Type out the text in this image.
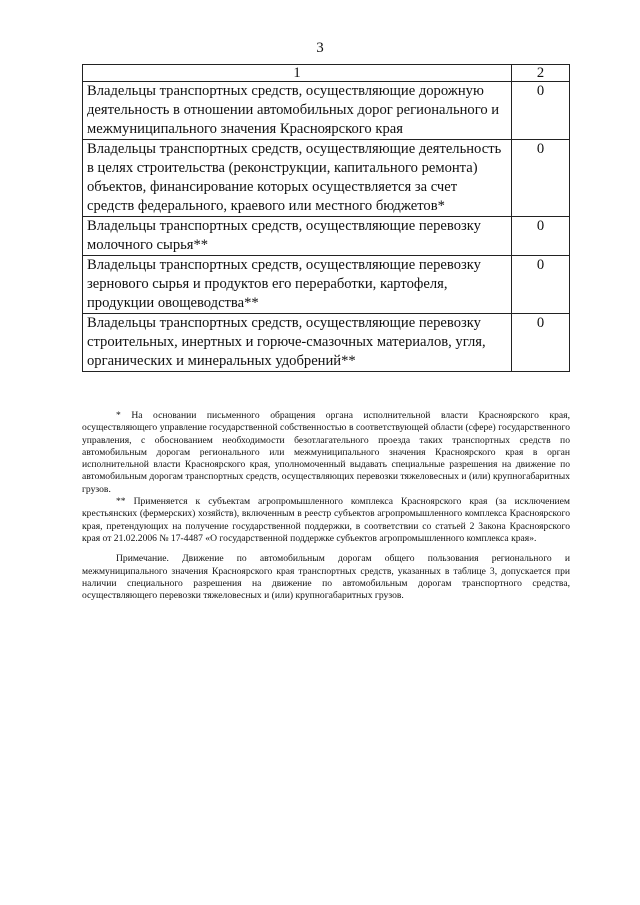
3
1	2
Владельцы транспортных средств, осуществляющие дорожную деятельность в отношении автомобильных дорог регионального и межмуниципального значения Красноярского края	0
Владельцы транспортных средств, осуществляющие деятельность в целях строительства (реконструкции, капитального ремонта) объектов, финансирование которых осуществляется за счет средств федерального, краевого или местного бюджетов*	0
Владельцы транспортных средств, осуществляющие перевозку молочного сырья**	0
Владельцы транспортных средств, осуществляющие перевозку зернового сырья и продуктов его переработки, картофеля, продукции овощеводства**	0
Владельцы транспортных средств, осуществляющие перевозку строительных, инертных и горюче-смазочных материалов, угля, органических и минеральных удобрений**	0

* На основании письменного обращения органа исполнительной власти Красноярского края, осуществляющего управление государственной собственностью в соответствующей области (сфере) государственного управления, с обоснованием необходимости безотлагательного проезда таких транспортных средств по автомобильным дорогам регионального или межмуниципального значения Красноярского края в орган исполнительной власти Красноярского края, уполномоченный выдавать специальные разрешения на движение по автомобильным дорогам транспортных средств, осуществляющих перевозки тяжеловесных и (или) крупногабаритных грузов.

** Применяется к субъектам агропромышленного комплекса Красноярского края (за исключением крестьянских (фермерских) хозяйств), включенным в реестр субъектов агропромышленного комплекса Красноярского края, претендующих на получение государственной поддержки, в соответствии со статьей 2 Закона Красноярского края от 21.02.2006 № 17-4487 «О государственной поддержке субъектов агропромышленного комплекса края».

Примечание. Движение по автомобильным дорогам общего пользования регионального и межмуниципального значения Красноярского края транспортных средств, указанных в таблице 3, допускается при наличии специального разрешения на движение по автомобильным дорогам транспортного средства, осуществляющего перевозки тяжеловесных и (или) крупногабаритных грузов.
